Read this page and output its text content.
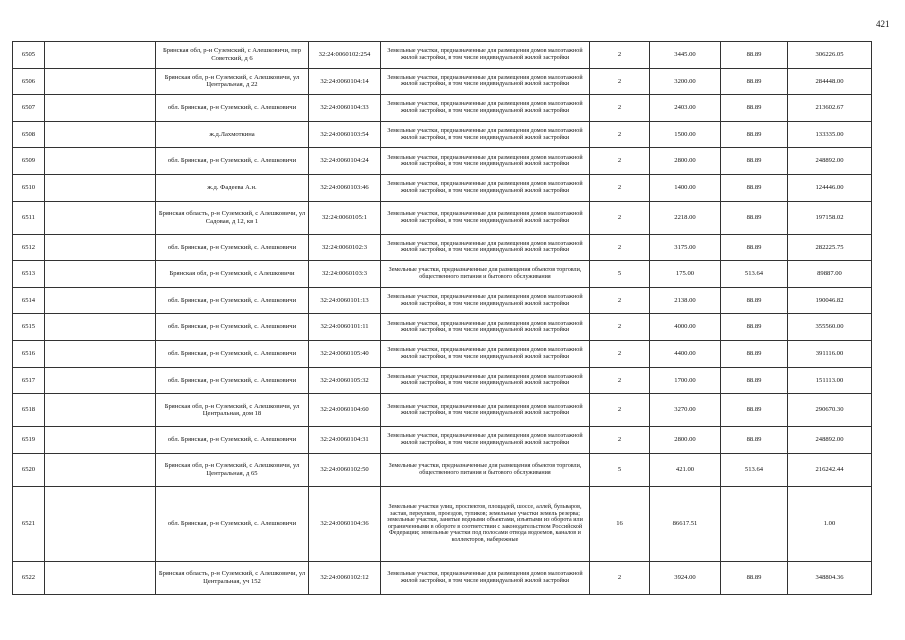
421
6505		Брянская обл, р-н Суземский, с Алешковичи, пер Советский, д 6	32:24:0060102:254	Земельные участки, предназначенные для размещения домов малоэтажной жилой застройки, в том числе индивидуальной жилой застройки	2	3445.00	88.89	306226.05
6506		Брянская обл, р-н Суземский, с Алешковичи, ул Центральная, д 22	32:24:0060104:14	Земельные участки, предназначенные для размещения домов малоэтажной жилой застройки, в том числе индивидуальной жилой застройки	2	3200.00	88.89	284448.00
6507		обл. Брянская, р-н Суземский, с. Алешковичи	32:24:0060104:33	Земельные участки, предназначенные для размещения домов малоэтажной жилой застройки, в том числе индивидуальной жилой застройки	2	2403.00	88.89	213602.67
6508		ж.д.Лахмоткина	32:24:0060103:54	Земельные участки, предназначенные для размещения домов малоэтажной жилой застройки, в том числе индивидуальной жилой застройки	2	1500.00	88.89	133335.00
6509		обл. Брянская, р-н Суземский, с. Алешковичи	32:24:0060104:24	Земельные участки, предназначенные для размещения домов малоэтажной жилой застройки, в том числе индивидуальной жилой застройки	2	2800.00	88.89	248892.00
6510		ж.д. Фадеева А.н.	32:24:0060103:46	Земельные участки, предназначенные для размещения домов малоэтажной жилой застройки, в том числе индивидуальной жилой застройки	2	1400.00	88.89	124446.00
6511		Брянская область, р-н Суземский, с Алешковичи, ул Садовая, д 12, кв 1	32:24:0060105:1	Земельные участки, предназначенные для размещения домов малоэтажной жилой застройки, в том числе индивидуальной жилой застройки	2	2218.00	88.89	197158.02
6512		обл. Брянская, р-н Суземский, с. Алешковичи	32:24:0060102:3	Земельные участки, предназначенные для размещения домов малоэтажной жилой застройки, в том числе индивидуальной жилой застройки	2	3175.00	88.89	282225.75
6513		Брянская обл, р-н Суземский, с Алешковичи	32:24:0060103:3	Земельные участки, предназначенные для размещения объектов торговли, общественного питания и бытового обслуживания	5	175.00	513.64	89887.00
6514		обл. Брянская, р-н Суземский, с. Алешковичи	32:24:0060101:13	Земельные участки, предназначенные для размещения домов малоэтажной жилой застройки, в том числе индивидуальной жилой застройки	2	2138.00	88.89	190046.82
6515		обл. Брянская, р-н Суземский, с. Алешковичи	32:24:0060101:11	Земельные участки, предназначенные для размещения домов малоэтажной жилой застройки, в том числе индивидуальной жилой застройки	2	4000.00	88.89	355560.00
6516		обл. Брянская, р-н Суземский, с. Алешковичи	32:24:0060105:40	Земельные участки, предназначенные для размещения домов малоэтажной жилой застройки, в том числе индивидуальной жилой застройки	2	4400.00	88.89	391116.00
6517		обл. Брянская, р-н Суземский, с. Алешковичи	32:24:0060105:32	Земельные участки, предназначенные для размещения домов малоэтажной жилой застройки, в том числе индивидуальной жилой застройки	2	1700.00	88.89	151113.00
6518		Брянская обл, р-н Суземский, с Алешковичи, ул Центральная, дом 18	32:24:0060104:60	Земельные участки, предназначенные для размещения домов малоэтажной жилой застройки, в том числе индивидуальной жилой застройки	2	3270.00	88.89	290670.30
6519		обл. Брянская, р-н Суземский, с. Алешковичи	32:24:0060104:31	Земельные участки, предназначенные для размещения домов малоэтажной жилой застройки, в том числе индивидуальной жилой застройки	2	2800.00	88.89	248892.00
6520		Брянская обл, р-н Суземский, с Алешковичи, ул Центральная, д 65	32:24:0060102:50	Земельные участки, предназначенные для размещения объектов торговли, общественного питания и бытового обслуживания	5	421.00	513.64	216242.44
6521		обл. Брянская, р-н Суземский, с. Алешковичи	32:24:0060104:36	Земельные участки улиц, проспектов, площадей, шоссе, аллей, бульваров, застав, переулков, проездов, тупиков; земельные участки земель резерва; земельные участки, занятые водными объектами, изъятыми из оборота или ограниченными в обороте в соответствии с законодательством Российской Федерации; земельные участки под полосами отвода водоемов, каналов и коллекторов, набережные	16	86617.51		1.00
6522		Брянская область, р-н Суземский, с Алешковичи, ул Центральная, уч 152	32:24:0060102:12	Земельные участки, предназначенные для размещения домов малоэтажной жилой застройки, в том числе индивидуальной жилой застройки	2	3924.00	88.89	348804.36
